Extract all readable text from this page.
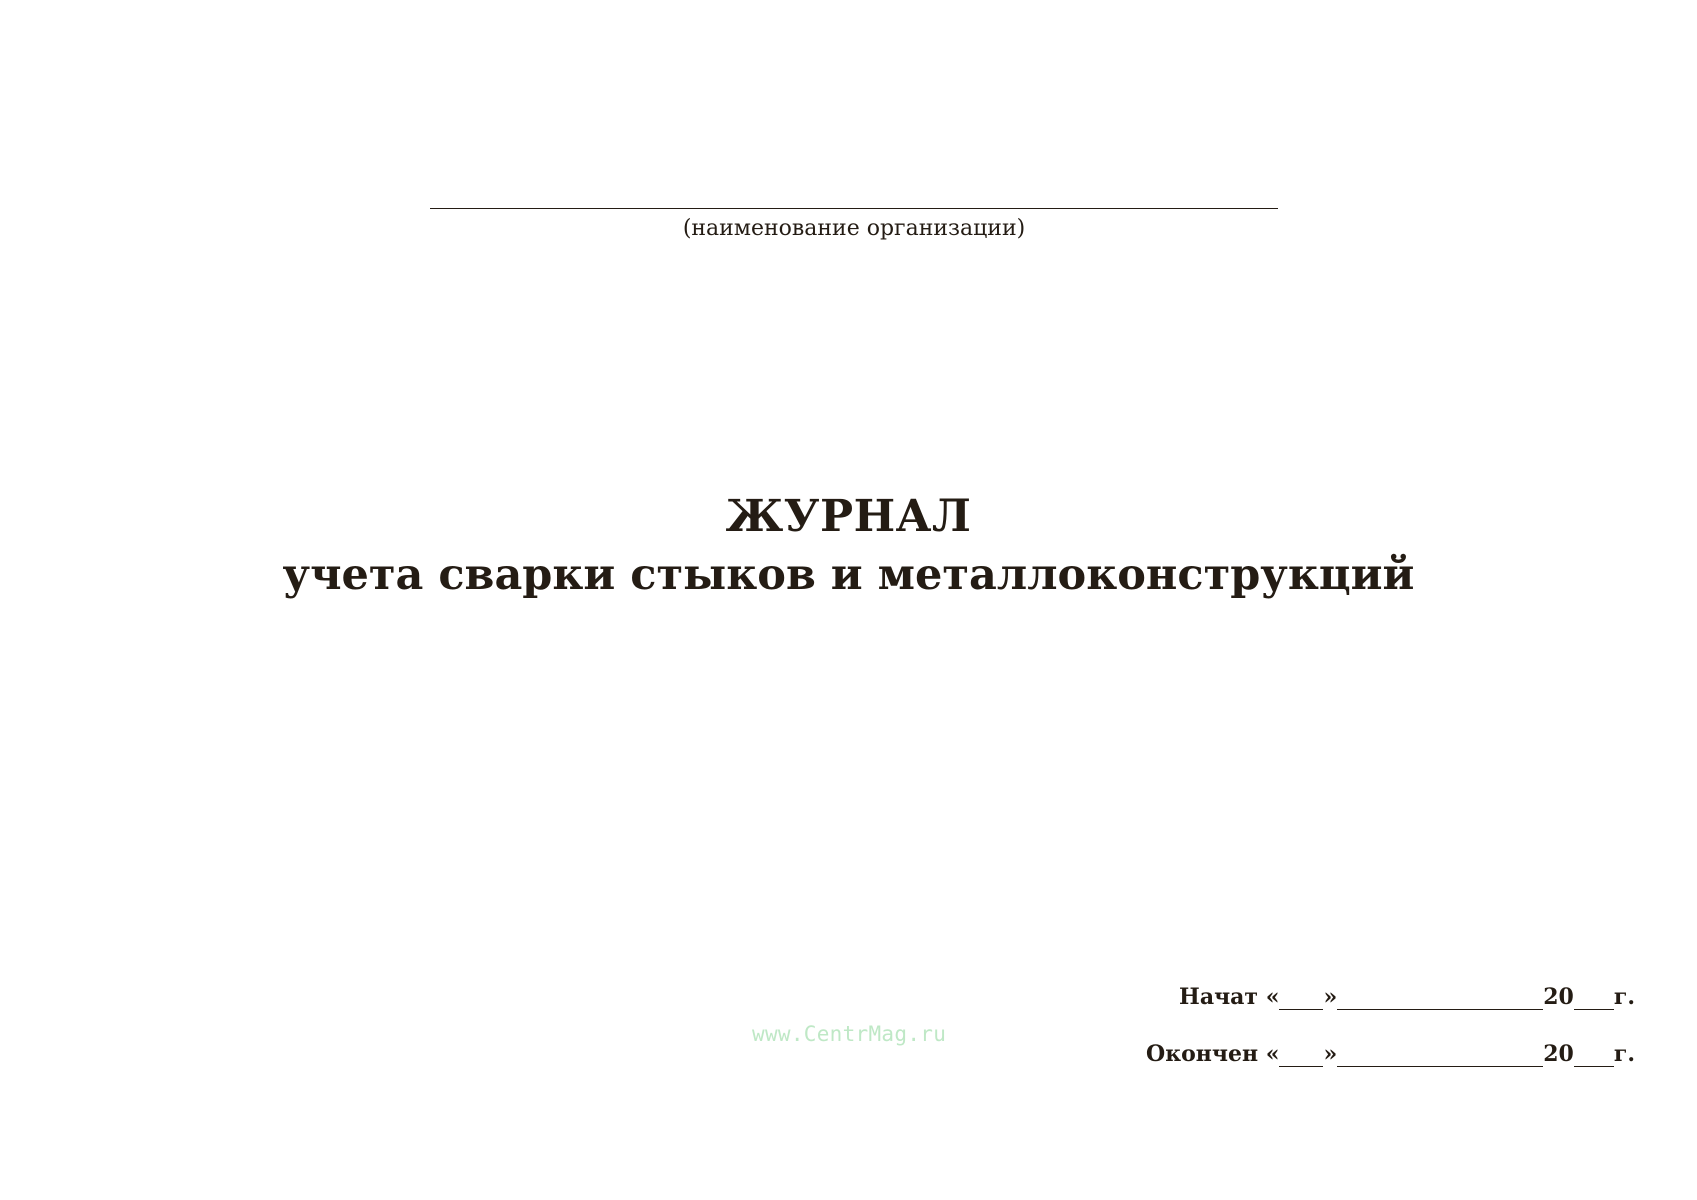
(наименование организации)
ЖУРНАЛ
учета сварки стыков и металлоконструкций
www.CentrMag.ru
Начат « »	20 г.
Окончен « »	20 г.
